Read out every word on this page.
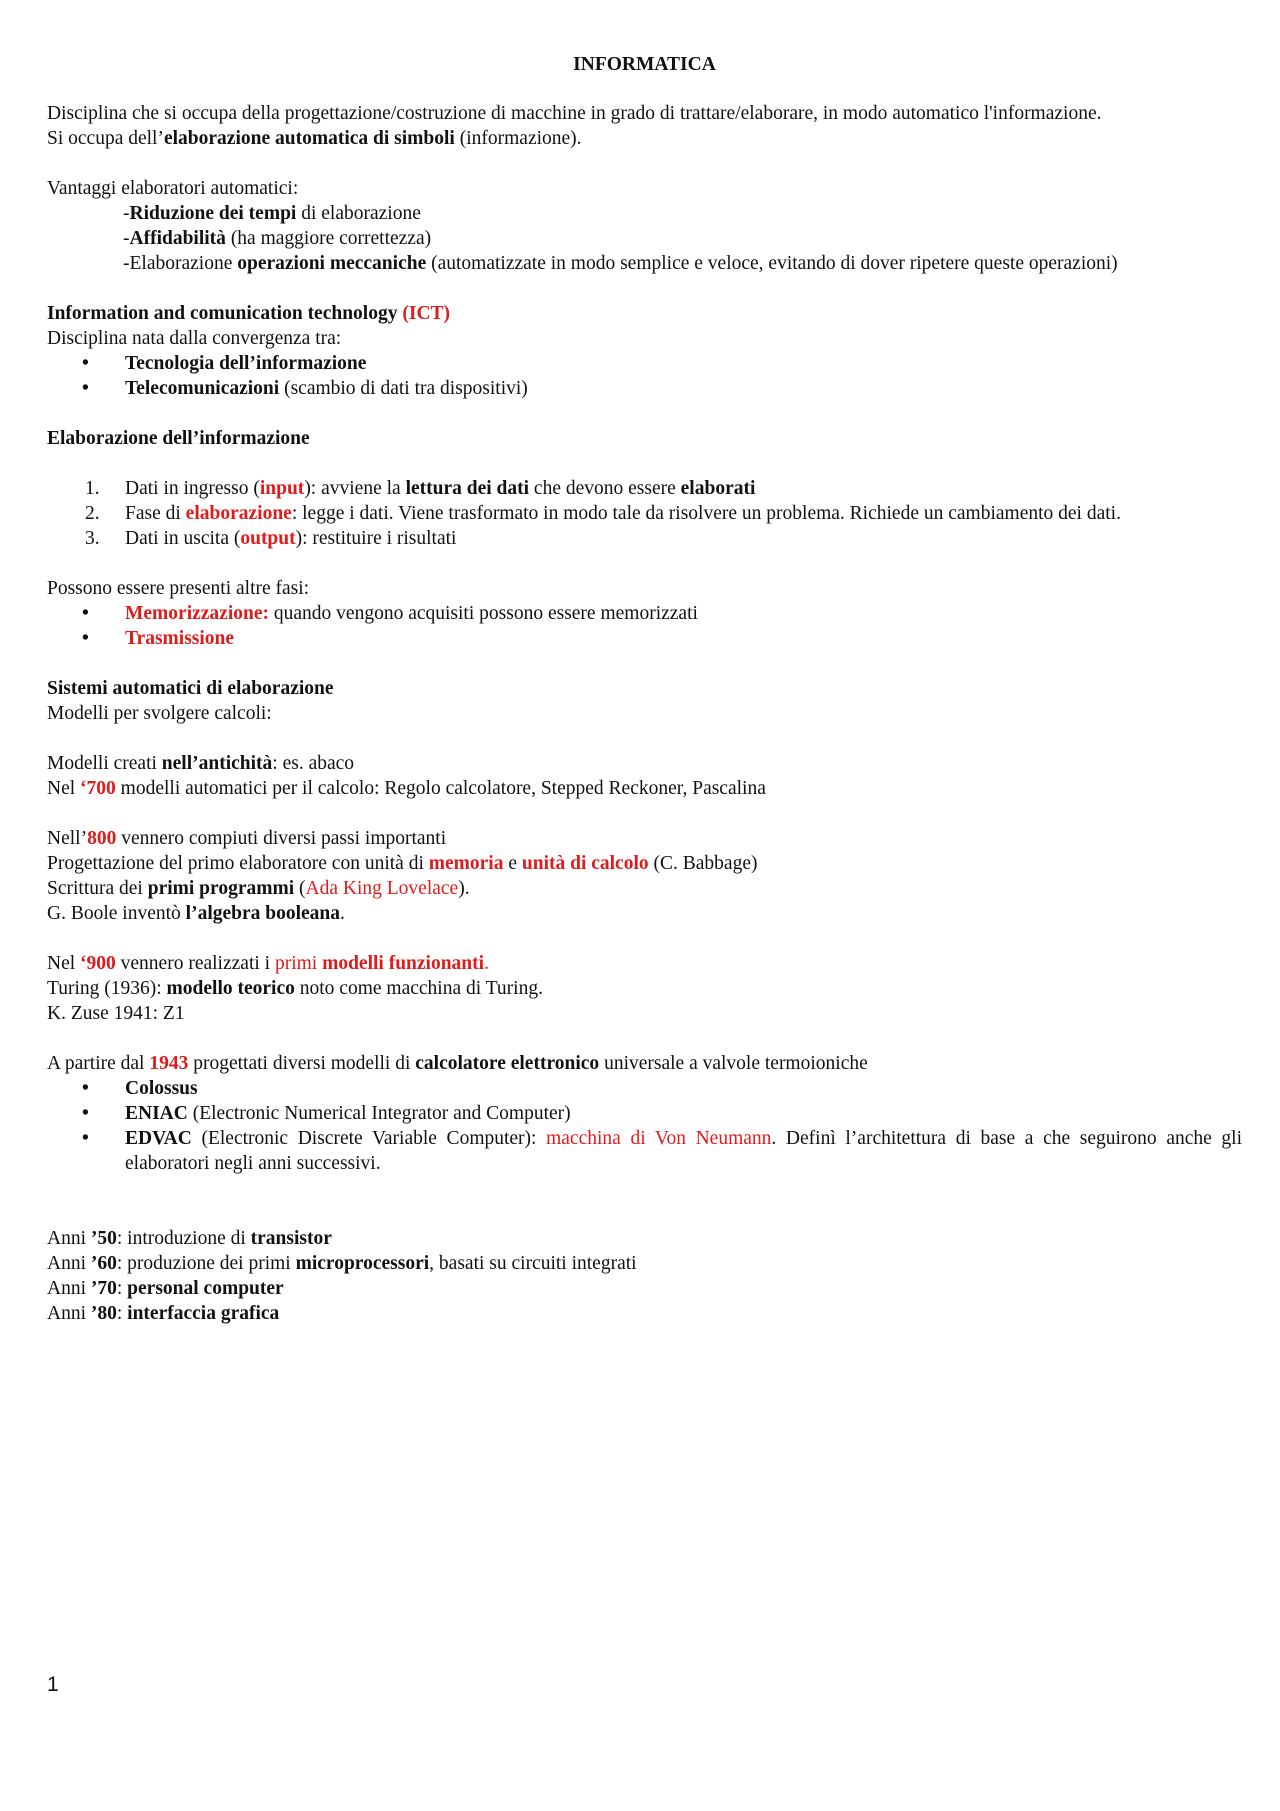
INFORMATICA

Disciplina che si occupa della progettazione/costruzione di macchine in grado di trattare/elaborare, in modo automatico l'informazione.

Si occupa dell’elaborazione automatica di simboli (informazione).

Vantaggi elaboratori automatici:

-Riduzione dei tempi di elaborazione

-Affidabilità (ha maggiore correttezza)

-Elaborazione operazioni meccaniche (automatizzate in modo semplice e veloce, evitando di dover ripetere queste operazioni)

Information and comunication technology (ICT)

Disciplina nata dalla convergenza tra:

• Tecnologia dell’informazione
• Telecomunicazioni (scambio di dati tra dispositivi)

Elaborazione dell’informazione

1. Dati in ingresso (input): avviene la lettura dei dati che devono essere elaborati
2. Fase di elaborazione: legge i dati. Viene trasformato in modo tale da risolvere un problema. Richiede un cambiamento dei dati.
3. Dati in uscita (output): restituire i risultati

Possono essere presenti altre fasi:

• Memorizzazione: quando vengono acquisiti possono essere memorizzati
• Trasmissione

Sistemi automatici di elaborazione

Modelli per svolgere calcoli:

Modelli creati nell’antichità: es. abaco

Nel ‘700 modelli automatici per il calcolo: Regolo calcolatore, Stepped Reckoner, Pascalina

Nell’800 vennero compiuti diversi passi importanti

Progettazione del primo elaboratore con unità di memoria e unità di calcolo (C. Babbage)

Scrittura dei primi programmi (Ada King Lovelace).

G. Boole inventò l’algebra booleana.

Nel ‘900 vennero realizzati i primi modelli funzionanti.

Turing (1936): modello teorico noto come macchina di Turing.

K. Zuse 1941: Z1

A partire dal 1943 progettati diversi modelli di calcolatore elettronico universale a valvole termoioniche

• Colossus
• ENIAC (Electronic Numerical Integrator and Computer)
• EDVAC (Electronic Discrete Variable Computer): macchina di Von Neumann. Definì l’architettura di base a che seguirono anche gli elaboratori negli anni successivi.

Anni ’50: introduzione di transistor

Anni ’60: produzione dei primi microprocessori, basati su circuiti integrati

Anni ’70: personal computer

Anni ’80: interfaccia grafica

1
